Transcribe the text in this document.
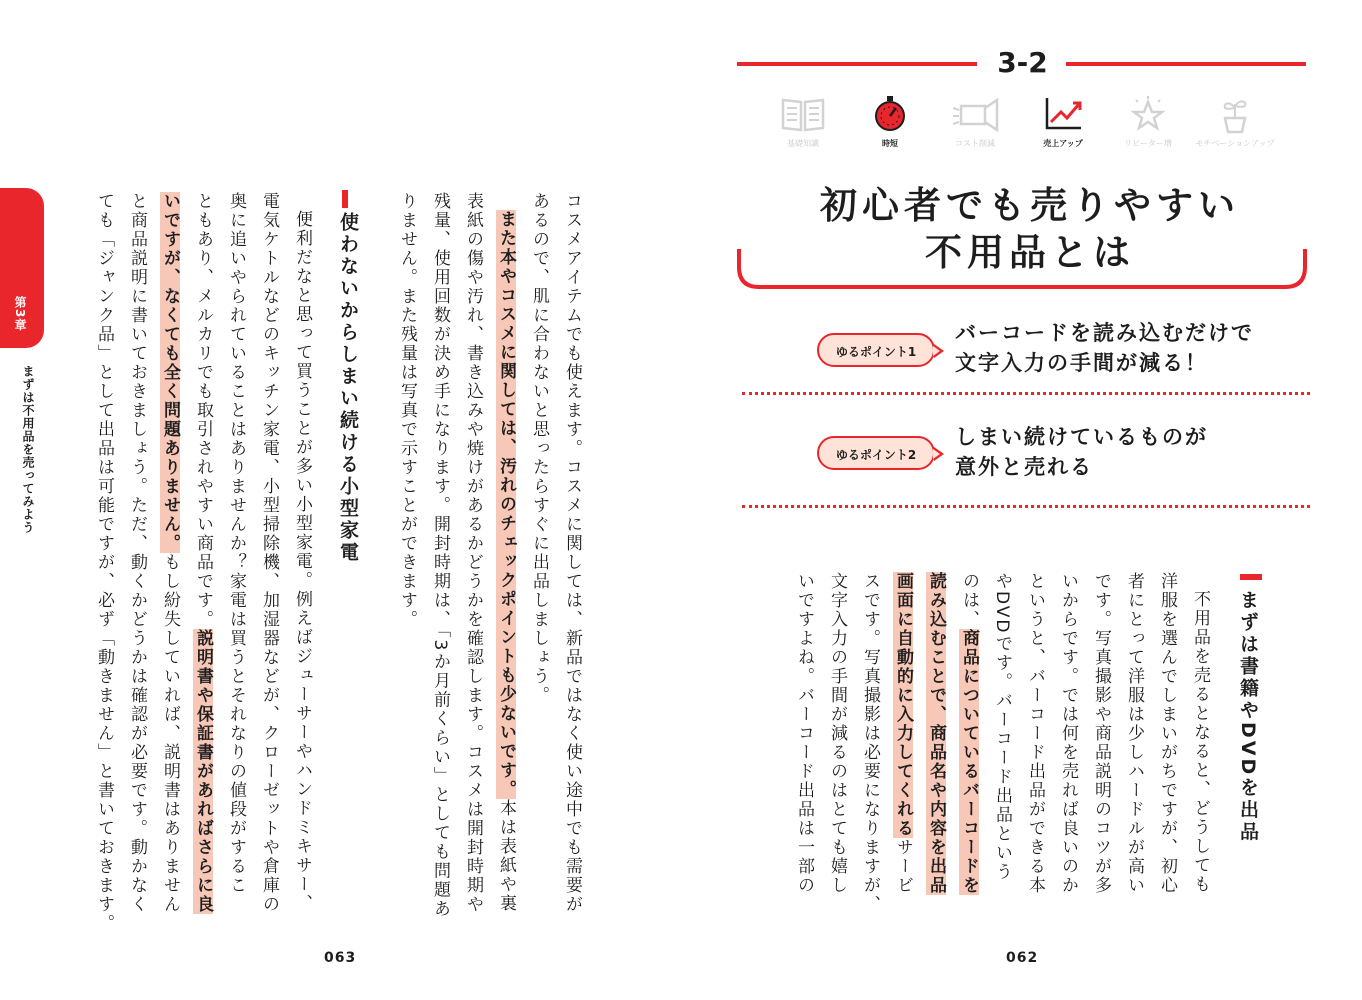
第3章
まずは不用品を売ってみよう	コスメアイテムでも使えます。コスメに関しては、新品ではなく使い途中でも需要が
あるので、肌に合わないと思ったらすぐに出品しましょう。
また本やコスメに関しては、汚れのチェックポイントも少ないです。本は表紙や裏
表紙の傷や汚れ、書き込みや焼けがあるかどうかを確認します。コスメは開封時期や
残量、使用回数が決め手になります。開封時期は、「3か月前くらい」としても問題あ
りません。また残量は写真で示すことができます。
使わないからしまい続ける小型家電
便利だなと思って買うことが多い小型家電。例えばジューサーやハンドミキサー、
電気ケトルなどのキッチン家電、小型掃除機、加湿器などが、クローゼットや倉庫の
奥に追いやられていることはありませんか？家電は買うとそれなりの値段がするこ
ともあり、メルカリでも取引されやすい商品です。説明書や保証書があればさらに良
いですが、なくても全く問題ありません。もし紛失していれば、説明書はありません
と商品説明に書いておきましょう。ただ、動くかどうかは確認が必要です。動かなく
ても「ジャンク品」として出品は可能ですが、必ず「動きません」と書いておきます。
063
3-2
基礎知識	時短	コスト削減	売上アップ	リピーター増	モチベーションアップ
初心者でも売りやすい
不用品とは
ゆるポイント1
バーコードを読み込むだけで
文字入力の手間が減る！
ゆるポイント2
しまい続けているものが
意外と売れる
まずは書籍やDVDを出品
不用品を売るとなると、どうしても
洋服を選んでしまいがちですが、初心
者にとって洋服は少しハードルが高い
です。写真撮影や商品説明のコツが多
いからです。では何を売れば良いのか
というと、バーコード出品ができる本
やDVDです。バーコード出品という
のは、商品についているバーコードを
読み込むことで、商品名や内容を出品
画面に自動的に入力してくれるサービ
スです。写真撮影は必要になりますが、
文字入力の手間が減るのはとても嬉し
いですよね。バーコード出品は一部の
062
